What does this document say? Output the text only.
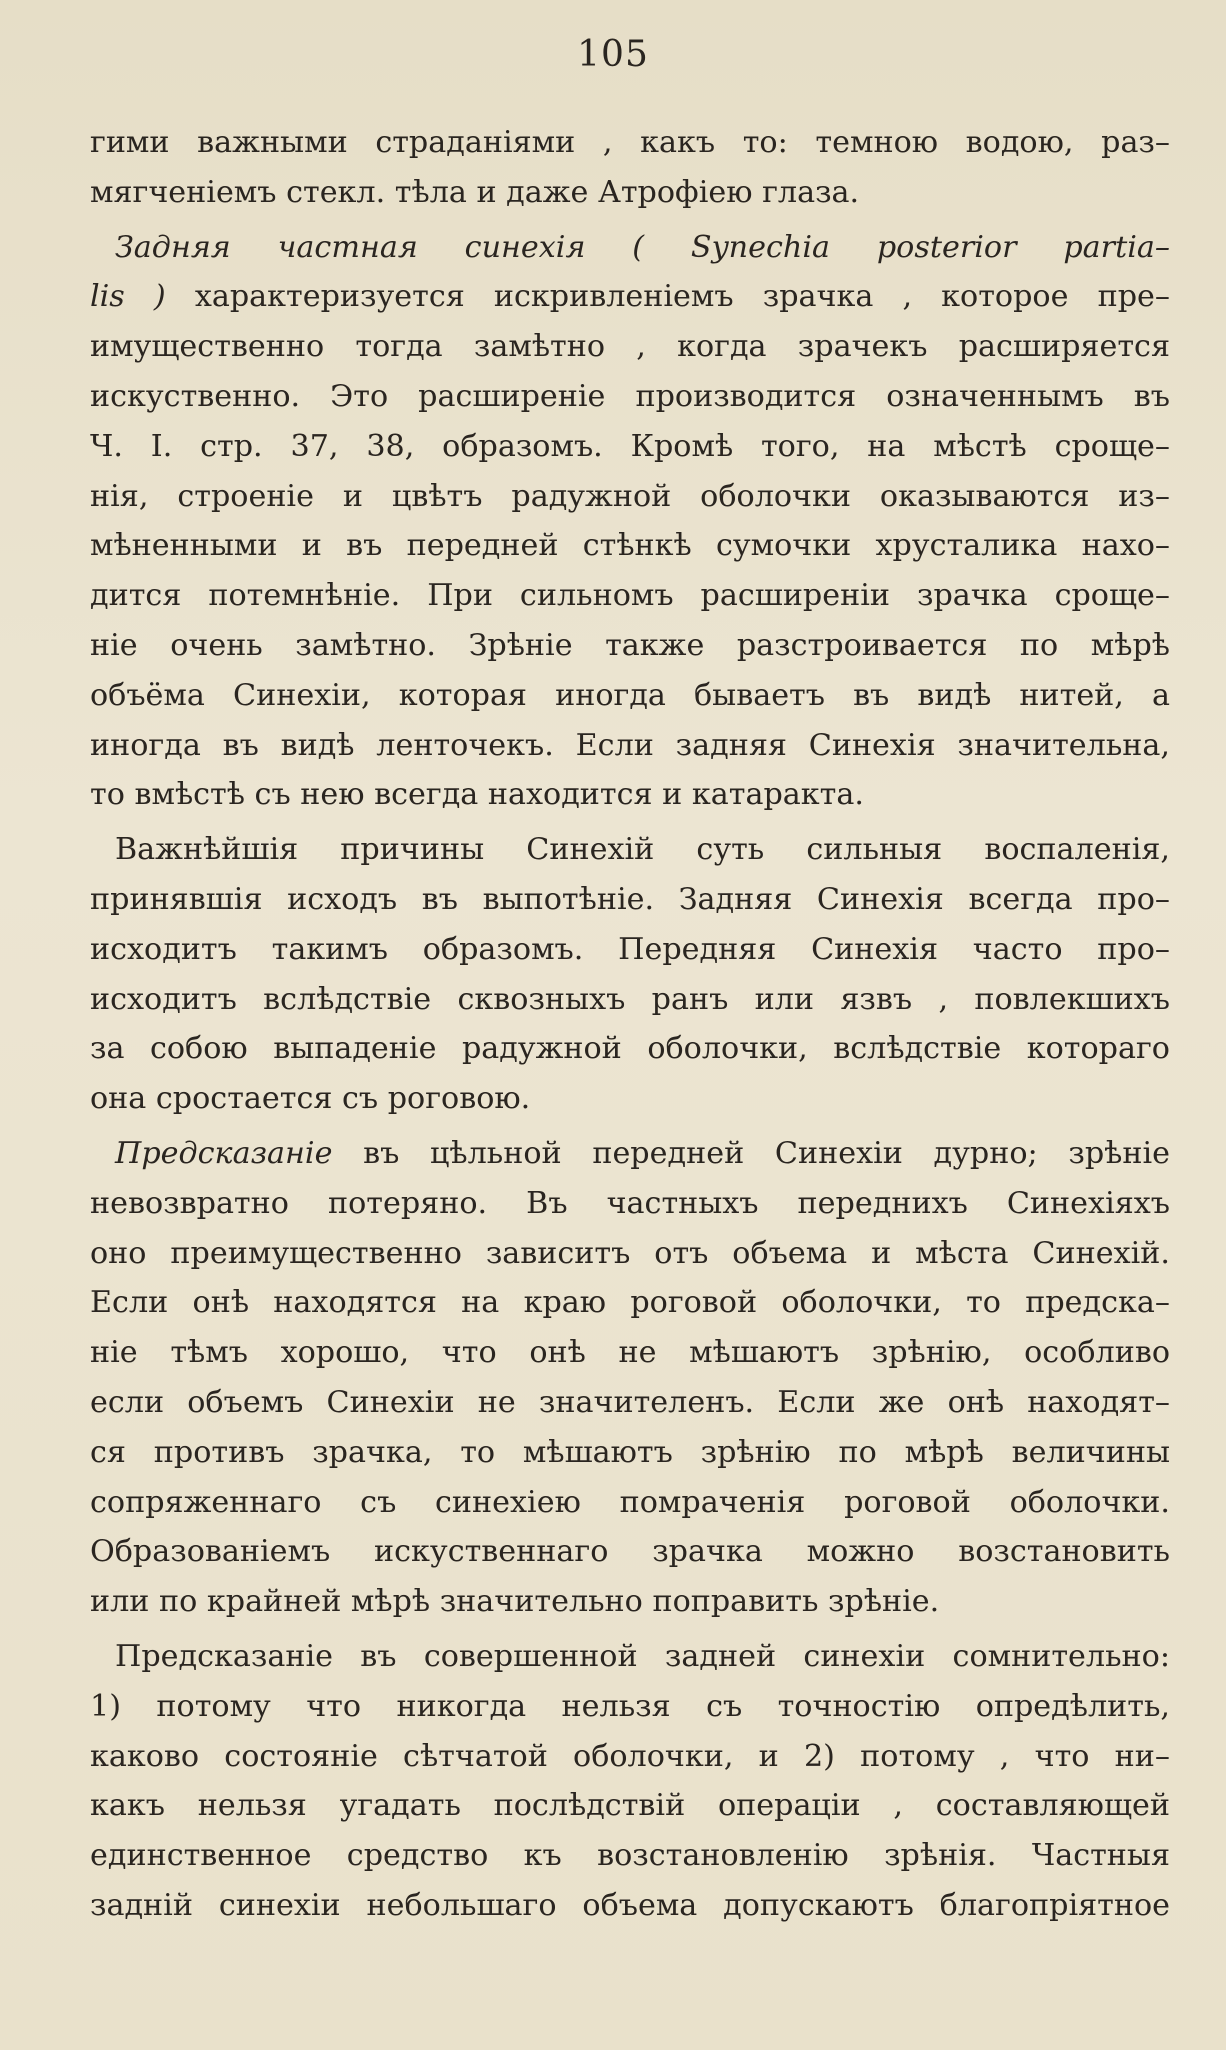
105
гими важными страданіями , какъ то: темною водою, раз–
мягченіемъ стекл. тѣла и даже Атрофіею глаза.
Задняя частная синехія ( Synechia posterior partia–
lis ) характеризуется искривленіемъ зрачка , которое пре–
имущественно тогда замѣтно , когда зрачекъ расширяется
искуственно. Это расширеніе производится означеннымъ въ
Ч. I. стр. 37, 38, образомъ. Кромѣ того, на мѣстѣ срощe–
нія, строеніе и цвѣтъ радужной оболочки оказываются из–
мѣненными и въ передней стѣнкѣ сумочки хрусталика нахо–
дится потемнѣніе. При сильномъ расширеніи зрачка сроще–
ніе очень замѣтно. Зрѣніе также разстроивается по мѣрѣ
объёма Синехіи, которая иногда бываетъ въ видѣ нитей, а
иногда въ видѣ ленточекъ. Если задняя Синехія значительна,
то вмѣстѣ съ нею всегда находится и катаракта.
Важнѣйшія причины Синехій суть сильныя воспаленія,
принявшія исходъ въ выпотѣніе. Задняя Синехія всегда про–
исходитъ такимъ образомъ. Передняя Синехія часто про–
исходитъ вслѣдствіе сквозныхъ ранъ или язвъ , повлекшихъ
за собою выпаденіе радужной оболочки, вслѣдствіе котораго
она сростается съ роговою.
Предсказаніе въ цѣльной передней Синехіи дурно; зрѣніе
невозвратно потеряно. Въ частныхъ переднихъ Синехіяхъ
оно преимущественно зависитъ отъ объема и мѣста Синехій.
Если онѣ находятся на краю роговой оболочки, то предска–
ніе тѣмъ хорошо, что онѣ не мѣшаютъ зрѣнію, особливо
если объемъ Синехіи не значителенъ. Если же онѣ находят–
ся противъ зрачка, то мѣшаютъ зрѣнію по мѣрѣ величины
сопряженнаго съ синехіею помраченія роговой оболочки.
Образованіемъ искуственнаго зрачка можно возстановить
или по крайней мѣрѣ значительно поправить зрѣніе.
Предсказаніе въ совершенной задней синехіи сомнительно:
1) потому что никогда нельзя съ точностію опредѣлить,
каково состояніе сѣтчатой оболочки, и 2) потому , что ни–
какъ нельзя угадать послѣдствій операціи , составляющей
единственное средство къ возстановленію зрѣнія. Частныя
задній синехіи небольшаго объема допускаютъ благопріятное
